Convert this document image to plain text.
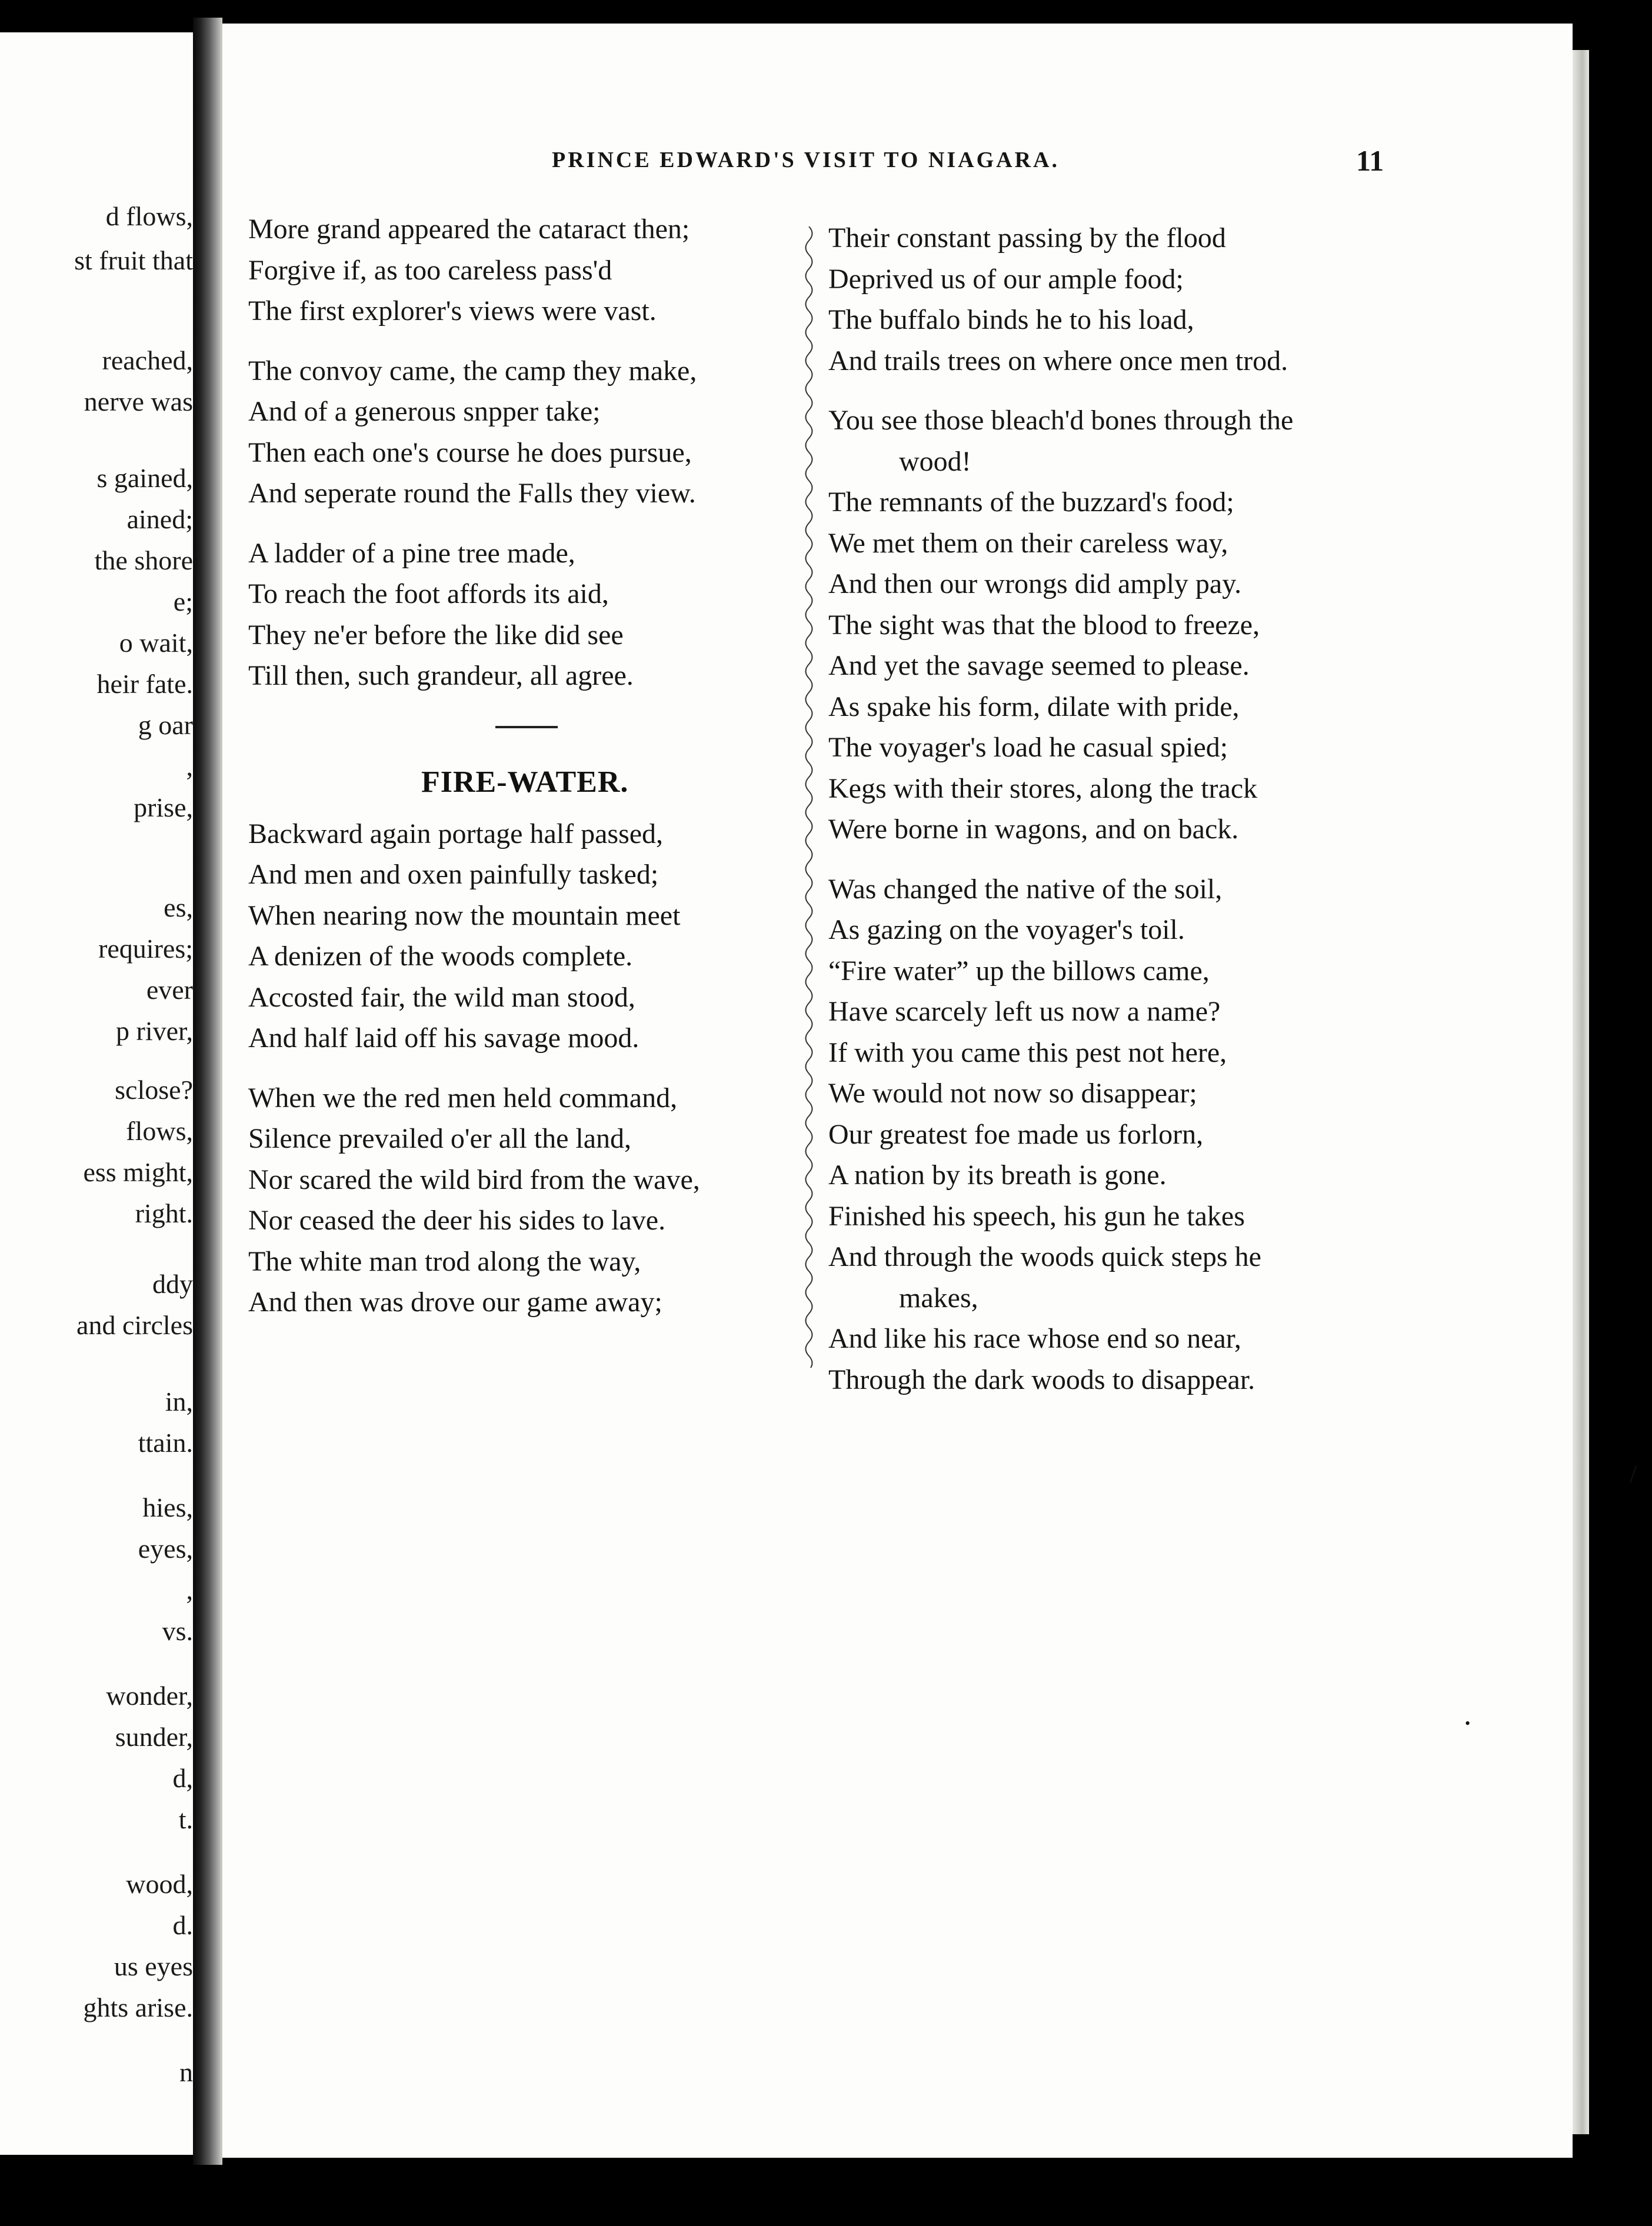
d flows,
st fruit that
reached,
nerve was
s gained,
ained;
the shore
e;
o wait,
heir fate.
g oar
,
prise,
es,
requires;
ever
p river,
sclose?
flows,
ess might,
right.
ddy
and circles
in,
ttain.
hies,
eyes,
,
vs.
wonder,
sunder,
d,
t.
wood,
d.
us eyes
ghts arise.
n
PRINCE EDWARD'S VISIT TO NIAGARA.	11
More grand appeared the cataract then;
Forgive if, as too careless pass'd
The first explorer's views were vast.
The convoy came, the camp they make,
And of a generous snpper take;
Then each one's course he does pursue,
And seperate round the Falls they view.
A ladder of a pine tree made,
To reach the foot affords its aid,
They ne'er before the like did see
Till then, such grandeur, all agree.
FIRE-WATER.
Backward again portage half passed,
And men and oxen painfully tasked;
When nearing now the mountain meet
A denizen of the woods complete.
Accosted fair, the wild man stood,
And half laid off his savage mood.
When we the red men held command,
Silence prevailed o'er all the land,
Nor scared the wild bird from the wave,
Nor ceased the deer his sides to lave.
The white man trod along the way,
And then was drove our game away;
Their constant passing by the flood
Deprived us of our ample food;
The buffalo binds he to his load,
And trails trees on where once men trod.
You see those bleach'd bones through the
wood!
The remnants of the buzzard's food;
We met them on their careless way,
And then our wrongs did amply pay.
The sight was that the blood to freeze,
And yet the savage seemed to please.
As spake his form, dilate with pride,
The voyager's load he casual spied;
Kegs with their stores, along the track
Were borne in wagons, and on back.
Was changed the native of the soil,
As gazing on the voyager's toil.
“Fire water” up the billows came,
Have scarcely left us now a name?
If with you came this pest not here,
We would not now so disappear;
Our greatest foe made us forlorn,
A nation by its breath is gone.
Finished his speech, his gun he takes
And through the woods quick steps he
makes,
And like his race whose end so near,
Through the dark woods to disappear.
/
•
